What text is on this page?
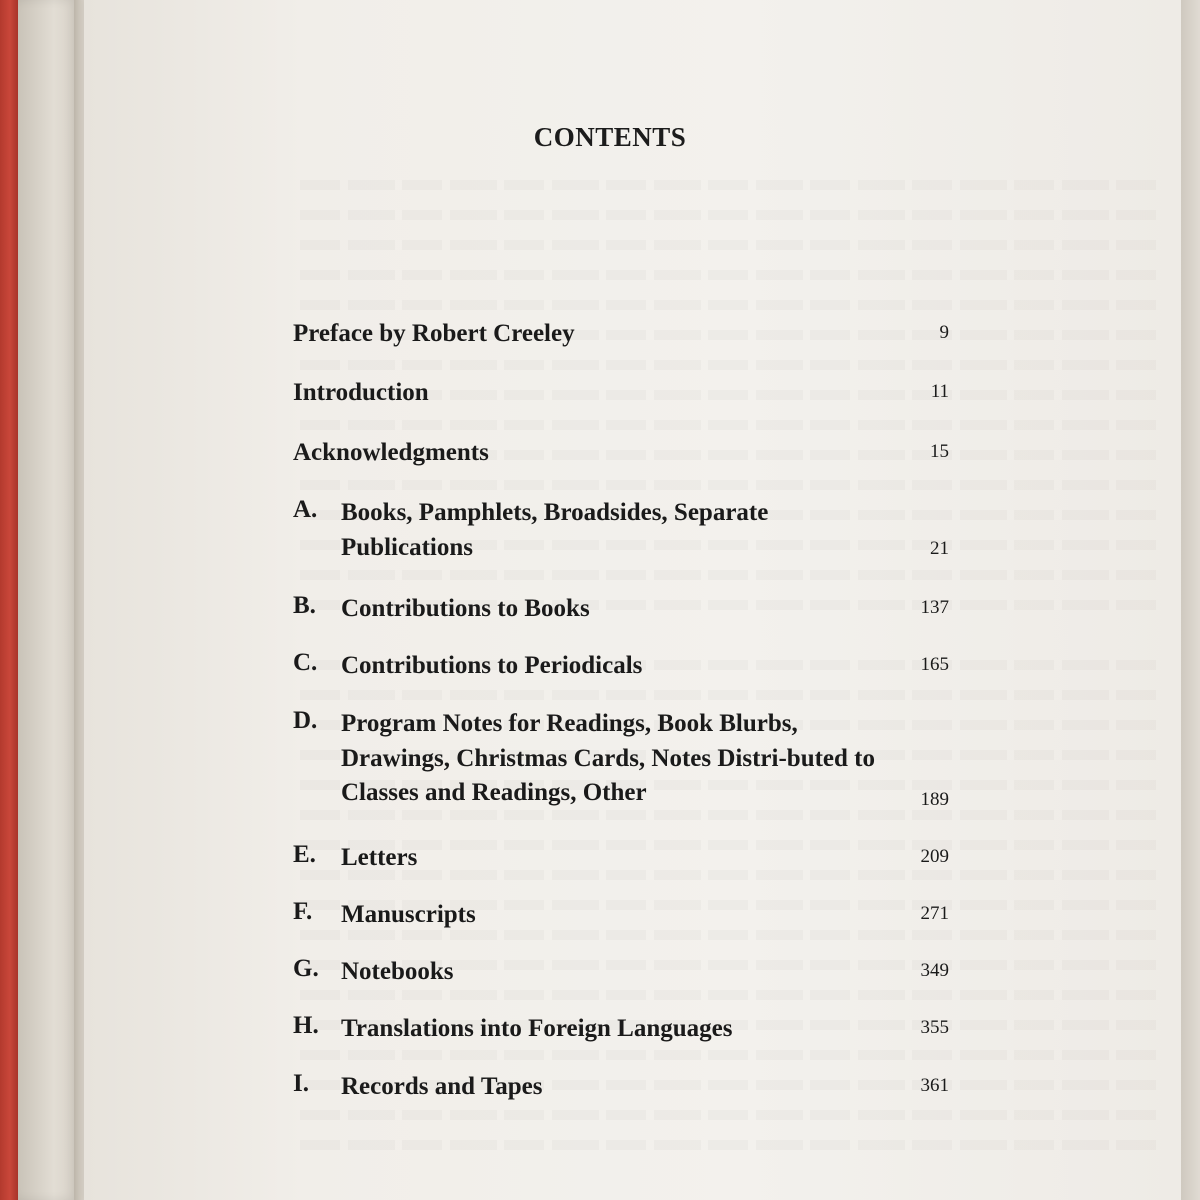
CONTENTS
Preface by Robert Creeley	9
Introduction	11
Acknowledgments	15
A. Books, Pamphlets, Broadsides, Separate Publications	21
B. Contributions to Books	137
C. Contributions to Periodicals	165
D. Program Notes for Readings, Book Blurbs, Drawings, Christmas Cards, Notes Distri-buted to Classes and Readings, Other	189
E. Letters	209
F. Manuscripts	271
G. Notebooks	349
H. Translations into Foreign Languages	355
I. Records and Tapes	361
